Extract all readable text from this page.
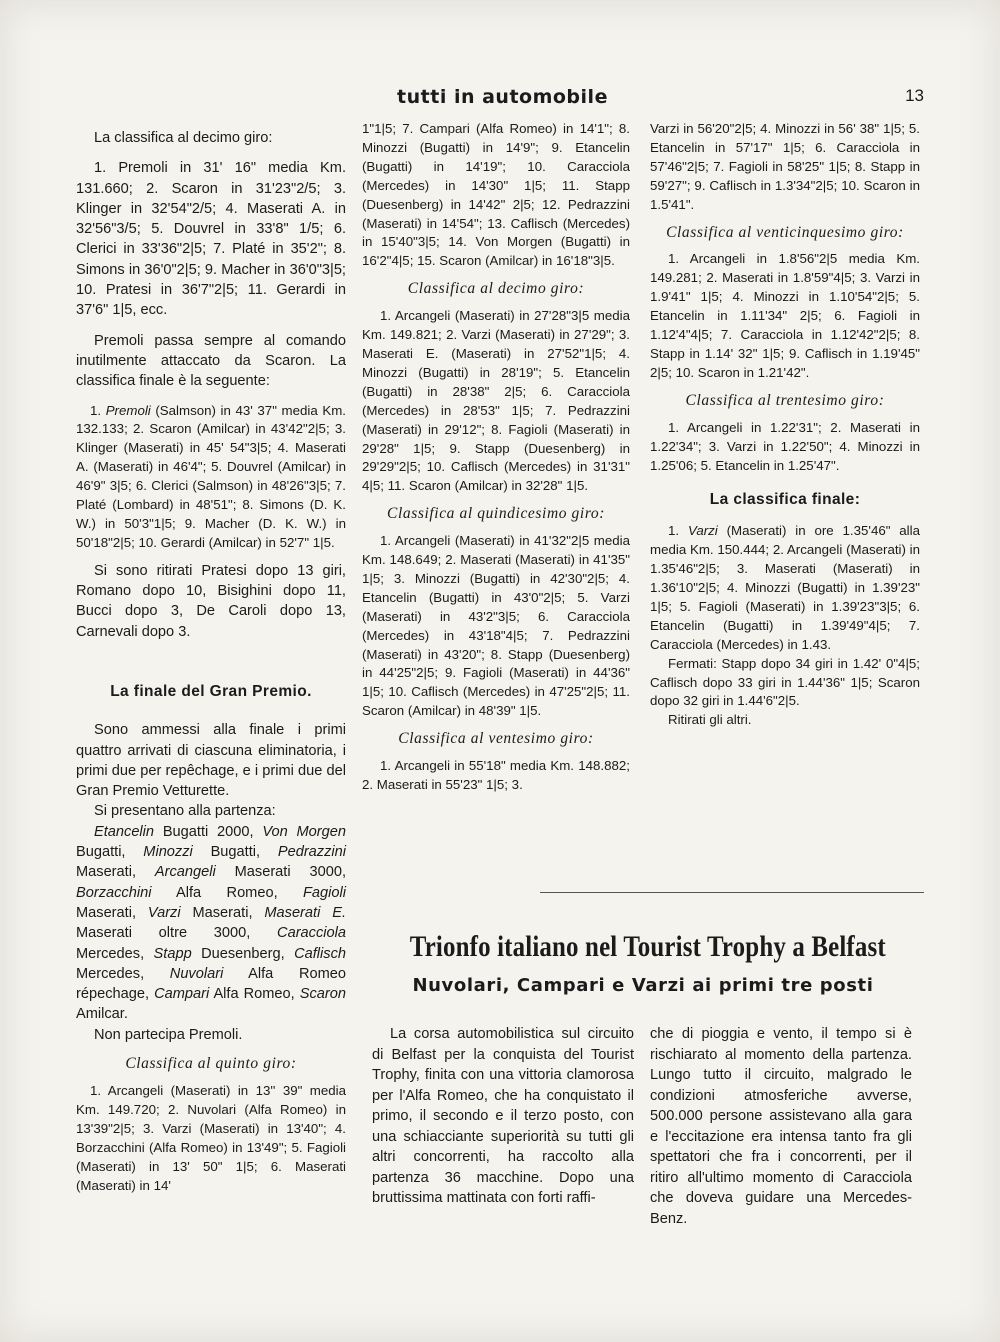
tutti in automobile	13

La classifica al decimo giro:

1. Premoli in 31' 16" media Km. 131.660; 2. Scaron in 31'23"2/5; 3. Klinger in 32'54"2/5; 4. Maserati A. in 32'56"3/5; 5. Douvrel in 33'8" 1/5; 6. Clerici in 33'36"2|5; 7. Platé in 35'2"; 8. Simons in 36'0"2|5; 9. Macher in 36'0"3|5; 10. Pratesi in 36'7"2|5; 11. Gerardi in 37'6" 1|5, ecc.

Premoli passa sempre al comando inutilmente attaccato da Scaron. La classifica finale è la seguente:

1. Premoli (Salmson) in 43' 37" media Km. 132.133; 2. Scaron (Amilcar) in 43'42"2|5; 3. Klinger (Maserati) in 45' 54"3|5; 4. Maserati A. (Maserati) in 46'4"; 5. Douvrel (Amilcar) in 46'9" 3|5; 6. Clerici (Salmson) in 48'26"3|5; 7. Platé (Lombard) in 48'51"; 8. Simons (D. K. W.) in 50'3"1|5; 9. Macher (D. K. W.) in 50'18"2|5; 10. Gerardi (Amilcar) in 52'7" 1|5.

Si sono ritirati Pratesi dopo 13 giri, Romano dopo 10, Bisighini dopo 11, Bucci dopo 3, De Caroli dopo 13, Carnevali dopo 3.

La finale del Gran Premio.

Sono ammessi alla finale i primi quattro arrivati di ciascuna eliminatoria, i primi due per repêchage, e i primi due del Gran Premio Vetturette.

Si presentano alla partenza:

Etancelin Bugatti 2000, Von Morgen Bugatti, Minozzi Bugatti, Pedrazzini Maserati, Arcangeli Maserati 3000, Borzacchini Alfa Romeo, Fagioli Maserati, Varzi Maserati, Maserati E. Maserati oltre 3000, Caracciola Mercedes, Stapp Duesenberg, Caflisch Mercedes, Nuvolari Alfa Romeo répechage, Campari Alfa Romeo, Scaron Amilcar.

Non partecipa Premoli.

Classifica al quinto giro:

1. Arcangeli (Maserati) in 13'' 39" media Km. 149.720; 2. Nuvolari (Alfa Romeo) in 13'39"2|5; 3. Varzi (Maserati) in 13'40"; 4. Borzacchini (Alfa Romeo) in 13'49"; 5. Fagioli (Maserati) in 13' 50" 1|5; 6. Maserati (Maserati) in 14'

1"1|5; 7. Campari (Alfa Romeo) in 14'1"; 8. Minozzi (Bugatti) in 14'9"; 9. Etancelin (Bugatti) in 14'19"; 10. Caracciola (Mercedes) in 14'30" 1|5; 11. Stapp (Duesenberg) in 14'42" 2|5; 12. Pedrazzini (Maserati) in 14'54"; 13. Caflisch (Mercedes) in 15'40"3|5; 14. Von Morgen (Bugatti) in 16'2"4|5; 15. Scaron (Amilcar) in 16'18"3|5.

Classifica al decimo giro:

1. Arcangeli (Maserati) in 27'28"3|5 media Km. 149.821; 2. Varzi (Maserati) in 27'29"; 3. Maserati E. (Maserati) in 27'52"1|5; 4. Minozzi (Bugatti) in 28'19"; 5. Etancelin (Bugatti) in 28'38" 2|5; 6. Caracciola (Mercedes) in 28'53" 1|5; 7. Pedrazzini (Maserati) in 29'12"; 8. Fagioli (Maserati) in 29'28" 1|5; 9. Stapp (Duesenberg) in 29'29"2|5; 10. Caflisch (Mercedes) in 31'31" 4|5; 11. Scaron (Amilcar) in 32'28" 1|5.

Classifica al quindicesimo giro:

1. Arcangeli (Maserati) in 41'32"2|5 media Km. 148.649; 2. Maserati (Maserati) in 41'35" 1|5; 3. Minozzi (Bugatti) in 42'30"2|5; 4. Etancelin (Bugatti) in 43'0"2|5; 5. Varzi (Maserati) in 43'2"3|5; 6. Caracciola (Mercedes) in 43'18"4|5; 7. Pedrazzini (Maserati) in 43'20"; 8. Stapp (Duesenberg) in 44'25"2|5; 9. Fagioli (Maserati) in 44'36" 1|5; 10. Caflisch (Mercedes) in 47'25"2|5; 11. Scaron (Amilcar) in 48'39" 1|5.

Classifica al ventesimo giro:

1. Arcangeli in 55'18" media Km. 148.882; 2. Maserati in 55'23" 1|5; 3.

Varzi in 56'20"2|5; 4. Minozzi in 56' 38" 1|5; 5. Etancelin in 57'17" 1|5; 6. Caracciola in 57'46"2|5; 7. Fagioli in 58'25" 1|5; 8. Stapp in 59'27"; 9. Caflisch in 1.3'34"2|5; 10. Scaron in 1.5'41".

Classifica al venticinquesimo giro:

1. Arcangeli in 1.8'56"2|5 media Km. 149.281; 2. Maserati in 1.8'59"4|5; 3. Varzi in 1.9'41" 1|5; 4. Minozzi in 1.10'54"2|5; 5. Etancelin in 1.11'34" 2|5; 6. Fagioli in 1.12'4"4|5; 7. Caracciola in 1.12'42"2|5; 8. Stapp in 1.14' 32" 1|5; 9. Caflisch in 1.19'45" 2|5; 10. Scaron in 1.21'42".

Classifica al trentesimo giro:

1. Arcangeli in 1.22'31"; 2. Maserati in 1.22'34"; 3. Varzi in 1.22'50"; 4. Minozzi in 1.25'06; 5. Etancelin in 1.25'47".

La classifica finale:

1. Varzi (Maserati) in ore 1.35'46" alla media Km. 150.444; 2. Arcangeli (Maserati) in 1.35'46"2|5; 3. Maserati (Maserati) in 1.36'10"2|5; 4. Minozzi (Bugatti) in 1.39'23" 1|5; 5. Fagioli (Maserati) in 1.39'23"3|5; 6. Etancelin (Bugatti) in 1.39'49"4|5; 7. Caracciola (Mercedes) in 1.43.

Fermati: Stapp dopo 34 giri in 1.42' 0"4|5; Caflisch dopo 33 giri in 1.44'36" 1|5; Scaron dopo 32 giri in 1.44'6"2|5.

Ritirati gli altri.

Trionfo italiano nel Tourist Trophy a Belfast
Nuvolari, Campari e Varzi ai primi tre posti

La corsa automobilistica sul circuito di Belfast per la conquista del Tourist Trophy, finita con una vittoria clamorosa per l'Alfa Romeo, che ha conquistato il primo, il secondo e il terzo posto, con una schiacciante superiorità su tutti gli altri concorrenti, ha raccolto alla partenza 36 macchine. Dopo una bruttissima mattinata con forti raffi-

che di pioggia e vento, il tempo si è rischiarato al momento della partenza. Lungo tutto il circuito, malgrado le condizioni atmosferiche avverse, 500.000 persone assistevano alla gara e l'eccitazione era intensa tanto fra gli spettatori che fra i concorrenti, per il ritiro all'ultimo momento di Caracciola che doveva guidare una Mercedes-Benz.
